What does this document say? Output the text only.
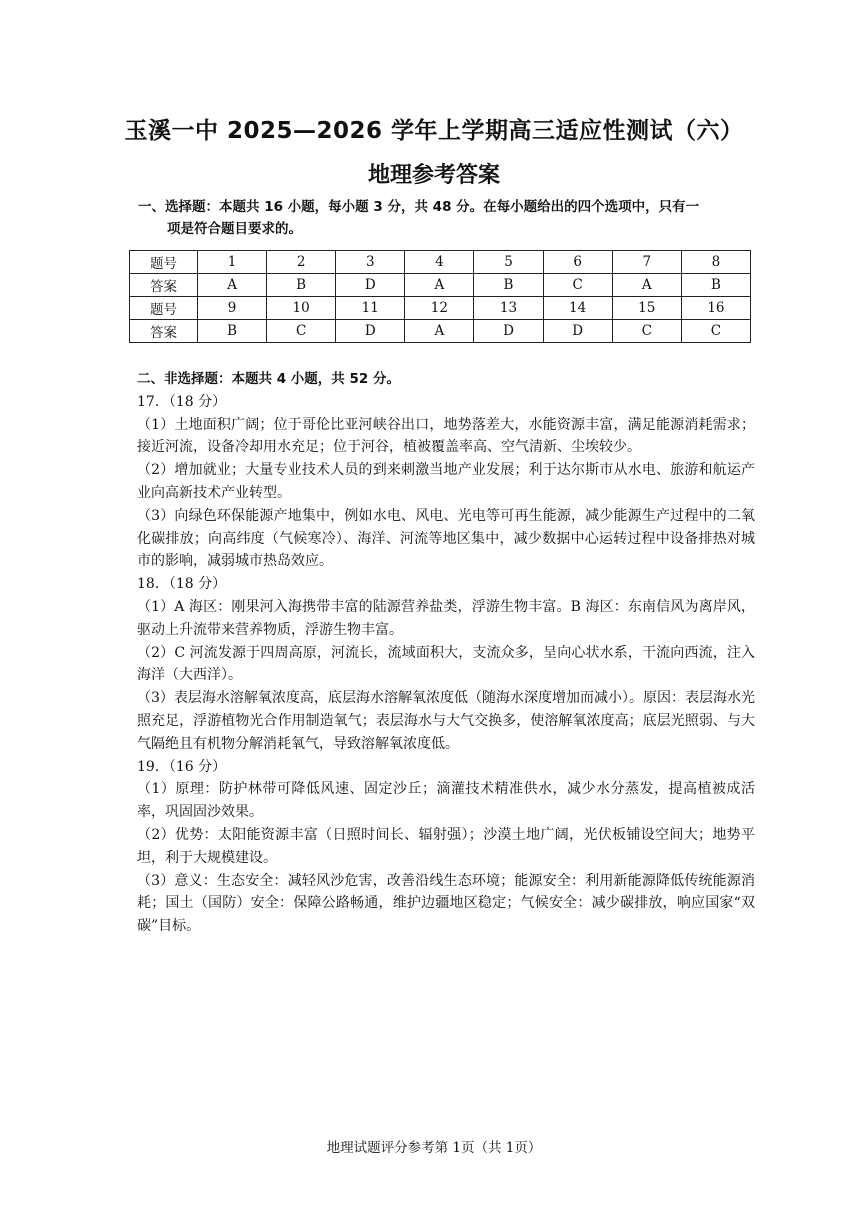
玉溪一中 2025—2026 学年上学期高三适应性测试（六）
地理参考答案
一、选择题：本题共 16 小题，每小题 3 分，共 48 分。在每小题给出的四个选项中，只有一
项是符合题目要求的。
题号	1	2	3	4	5	6	7	8
答案	A	B	D	A	B	C	A	B
题号	9	10	11	12	13	14	15	16
答案	B	C	D	A	D	D	C	C

二、非选择题：本题共 4 小题，共 52 分。

17．（18 分）

（1）土地面积广阔；位于哥伦比亚河峡谷出口，地势落差大，水能资源丰富，满足能源消耗需求；接近河流，设备冷却用水充足；位于河谷，植被覆盖率高、空气清新、尘埃较少。

（2）增加就业；大量专业技术人员的到来刺激当地产业发展；利于达尔斯市从水电、旅游和航运产业向高新技术产业转型。

（3）向绿色环保能源产地集中，例如水电、风电、光电等可再生能源，减少能源生产过程中的二氧化碳排放；向高纬度（气候寒冷）、海洋、河流等地区集中，减少数据中心运转过程中设备排热对城市的影响，减弱城市热岛效应。

18．（18 分）

（1）A 海区：刚果河入海携带丰富的陆源营养盐类，浮游生物丰富。B 海区：东南信风为离岸风，驱动上升流带来营养物质，浮游生物丰富。

（2）C 河流发源于四周高原，河流长，流域面积大，支流众多，呈向心状水系，干流向西流，注入海洋（大西洋）。

（3）表层海水溶解氧浓度高，底层海水溶解氧浓度低（随海水深度增加而减小）。原因：表层海水光照充足，浮游植物光合作用制造氧气；表层海水与大气交换多，使溶解氧浓度高；底层光照弱、与大气隔绝且有机物分解消耗氧气，导致溶解氧浓度低。

19．（16 分）

（1）原理：防护林带可降低风速、固定沙丘；滴灌技术精准供水，减少水分蒸发，提高植被成活率，巩固固沙效果。

（2）优势：太阳能资源丰富（日照时间长、辐射强）；沙漠土地广阔，光伏板铺设空间大；地势平坦，利于大规模建设。

（3）意义：生态安全：减轻风沙危害，改善沿线生态环境；能源安全：利用新能源降低传统能源消耗；国土（国防）安全：保障公路畅通，维护边疆地区稳定；气候安全：减少碳排放，响应国家“双碳”目标。

地理试题评分参考第 1页（共 1页）
